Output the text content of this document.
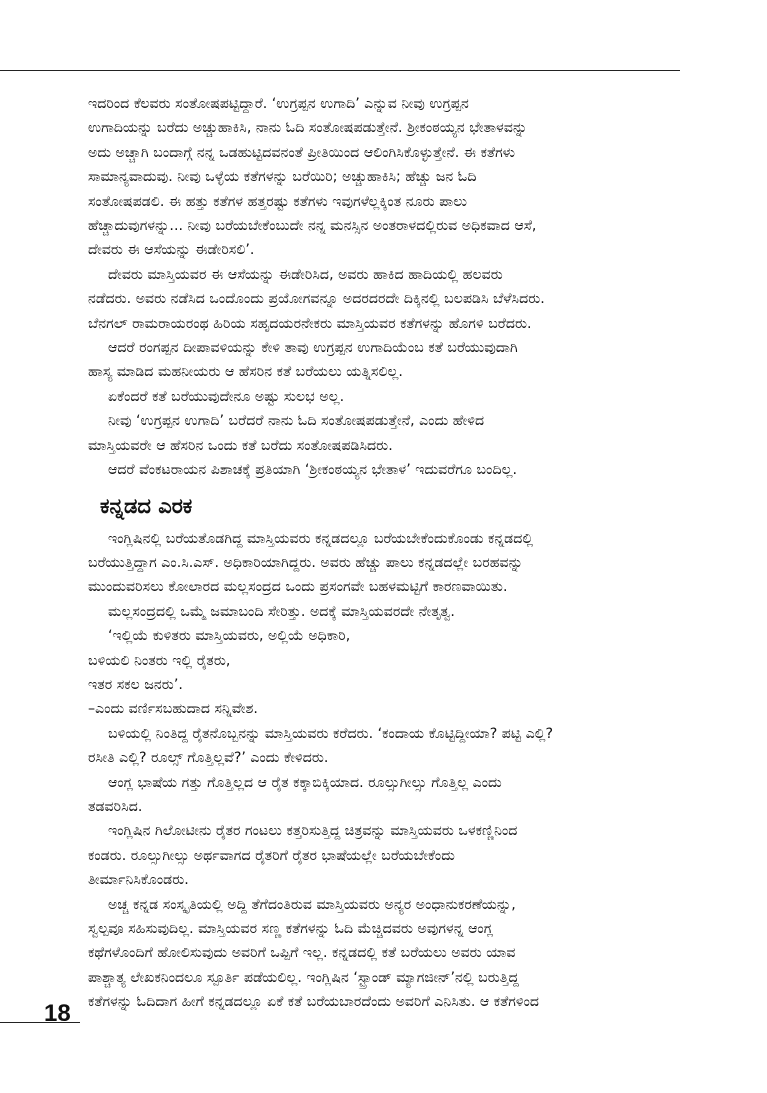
ಇದರಿಂದ ಕೆಲವರು ಸಂತೋಷಪಟ್ಟಿದ್ದಾರೆ. ‘ಉಗ್ರಪ್ಪನ ಉಗಾದಿ’ ಎನ್ನುವ ನೀವು ಉಗ್ರಪ್ಪನ
ಉಗಾದಿಯನ್ನು ಬರೆದು ಅಚ್ಚುಹಾಕಿಸಿ, ನಾನು ಓದಿ ಸಂತೋಷಪಡುತ್ತೇನೆ. ಶ್ರೀಕಂಠಯ್ಯನ ಭೇತಾಳವನ್ನು
ಅದು ಅಚ್ಚಾಗಿ ಬಂದಾಗ್ಗೆ ನನ್ನ ಒಡಹುಟ್ಟಿದವನಂತೆ ಪ್ರೀತಿಯಿಂದ ಆಲಿಂಗಿಸಿಕೊಳ್ಳುತ್ತೇನೆ. ಈ ಕತೆಗಳು
ಸಾಮಾನ್ಯವಾದುವು. ನೀವು ಒಳ್ಳೆಯ ಕತೆಗಳನ್ನು ಬರೆಯಿರಿ; ಅಚ್ಚುಹಾಕಿಸಿ; ಹೆಚ್ಚು ಜನ ಓದಿ
ಸಂತೋಷಪಡಲಿ. ಈ ಹತ್ತು ಕತೆಗಳ ಹತ್ತರಷ್ಟು ಕತೆಗಳು ಇವುಗಳೆಲ್ಲಕ್ಕಿಂತ ನೂರು ಪಾಲು
ಹೆಚ್ಚಾದುವುಗಳನ್ನು... ನೀವು ಬರೆಯಬೇಕೆಂಬುದೇ ನನ್ನ ಮನಸ್ಸಿನ ಅಂತರಾಳದಲ್ಲಿರುವ ಅಧಿಕವಾದ ಆಸೆ,
ದೇವರು ಈ ಆಸೆಯನ್ನು ಈಡೇರಿಸಲಿ’.

ದೇವರು ಮಾಸ್ತಿಯವರ ಈ ಆಸೆಯನ್ನು ಈಡೇರಿಸಿದ, ಅವರು ಹಾಕಿದ ಹಾದಿಯಲ್ಲಿ ಹಲವರು
ನಡೆದರು. ಅವರು ನಡೆಸಿದ ಒಂದೊಂದು ಪ್ರಯೋಗವನ್ನೂ ಅದರದರದೇ ದಿಕ್ಕಿನಲ್ಲಿ ಬಲಪಡಿಸಿ ಬೆಳೆಸಿದರು.
ಬೆನಗಲ್ ರಾಮರಾಯರಂಥ ಹಿರಿಯ ಸಹೃದಯರನೇಕರು ಮಾಸ್ತಿಯವರ ಕತೆಗಳನ್ನು ಹೊಗಳಿ ಬರೆದರು.

ಆದರೆ ರಂಗಪ್ಪನ ದೀಪಾವಳಿಯನ್ನು ಕೇಳಿ ತಾವು ಉಗ್ರಪ್ಪನ ಉಗಾದಿಯೆಂಬ ಕತೆ ಬರೆಯುವುದಾಗಿ
ಹಾಸ್ಯ ಮಾಡಿದ ಮಹನೀಯರು ಆ ಹೆಸರಿನ ಕತೆ ಬರೆಯಲು ಯತ್ನಿಸಲಿಲ್ಲ.

ಏಕೆಂದರೆ ಕತೆ ಬರೆಯುವುದೇನೂ ಅಷ್ಟು ಸುಲಭ ಅಲ್ಲ.

ನೀವು ‘ಉಗ್ರಪ್ಪನ ಉಗಾದಿ’ ಬರೆದರೆ ನಾನು ಓದಿ ಸಂತೋಷಪಡುತ್ತೇನೆ, ಎಂದು ಹೇಳಿದ
ಮಾಸ್ತಿಯವರೇ ಆ ಹೆಸರಿನ ಒಂದು ಕತೆ ಬರೆದು ಸಂತೋಷಪಡಿಸಿದರು.

ಆದರೆ ವೆಂಕಟರಾಯನ ಪಿಶಾಚಕ್ಕೆ ಪ್ರತಿಯಾಗಿ ‘ಶ್ರೀಕಂಠಯ್ಯನ ಭೇತಾಳ’ ಇದುವರೆಗೂ ಬಂದಿಲ್ಲ.

ಕನ್ನಡದ ಎರಕ

ಇಂಗ್ಲಿಷಿನಲ್ಲಿ ಬರೆಯತೊಡಗಿದ್ದ ಮಾಸ್ತಿಯವರು ಕನ್ನಡದಲ್ಲೂ ಬರೆಯಬೇಕೆಂದುಕೊಂಡು ಕನ್ನಡದಲ್ಲಿ
ಬರೆಯುತ್ತಿದ್ದಾಗ ಎಂ.ಸಿ.ಎಸ್. ಅಧಿಕಾರಿಯಾಗಿದ್ದರು. ಅವರು ಹೆಚ್ಚು ಪಾಲು ಕನ್ನಡದಲ್ಲೇ ಬರಹವನ್ನು
ಮುಂದುವರಿಸಲು ಕೋಲಾರದ ಮಲ್ಲಸಂದ್ರದ ಒಂದು ಪ್ರಸಂಗವೇ ಬಹಳಮಟ್ಟಿಗೆ ಕಾರಣವಾಯಿತು.

ಮಲ್ಲಸಂದ್ರದಲ್ಲಿ ಒಮ್ಮೆ ಜಮಾಬಂದಿ ಸೇರಿತ್ತು. ಅದಕ್ಕೆ ಮಾಸ್ತಿಯವರದೇ ನೇತೃತ್ವ.

‘ಇಲ್ಲಿಯೆ ಕುಳಿತರು ಮಾಸ್ತಿಯವರು, ಅಲ್ಲಿಯೆ ಅಧಿಕಾರಿ,
ಬಳಿಯಲಿ ನಿಂತರು ಇಲ್ಲಿ ರೈತರು,
ಇತರ ಸಕಲ ಜನರು’.
–ಎಂದು ವರ್ಣಿಸಬಹುದಾದ ಸನ್ನಿವೇಶ.

ಬಳಿಯಲ್ಲಿ ನಿಂತಿದ್ದ ರೈತನೊಬ್ಬನನ್ನು ಮಾಸ್ತಿಯವರು ಕರೆದರು. ‘ಕಂದಾಯ ಕೊಟ್ಟಿದ್ದೀಯಾ? ಪಟ್ಟಿ ಎಲ್ಲಿ?
ರಸೀತಿ ಎಲ್ಲಿ? ರೂಲ್ಸ್ ಗೊತ್ತಿಲ್ಲವೆ?’ ಎಂದು ಕೇಳಿದರು.

ಆಂಗ್ಲ ಭಾಷೆಯ ಗತ್ತು ಗೊತ್ತಿಲ್ಲದ ಆ ರೈತ ಕಕ್ಕಾಬಿಕ್ಕಿಯಾದ. ರೂಲ್ಸುಗೀಲ್ಸು ಗೊತ್ತಿಲ್ಲ ಎಂದು
ತಡವರಿಸಿದ.

ಇಂಗ್ಲಿಷಿನ ಗಿಲೋಟೀನು ರೈತರ ಗಂಟಲು ಕತ್ತರಿಸುತ್ತಿದ್ದ ಚಿತ್ರವನ್ನು ಮಾಸ್ತಿಯವರು ಒಳಕಣ್ಣಿನಿಂದ
ಕಂಡರು. ರೂಲ್ಸುಗೀಲ್ಸು ಅರ್ಥವಾಗದ ರೈತರಿಗೆ ರೈತರ ಭಾಷೆಯಲ್ಲೇ ಬರೆಯಬೇಕೆಂದು
ತೀರ್ಮಾನಿಸಿಕೊಂಡರು.

ಅಚ್ಚ ಕನ್ನಡ ಸಂಸ್ಕೃತಿಯಲ್ಲಿ ಅದ್ದಿ ತೆಗೆದಂತಿರುವ ಮಾಸ್ತಿಯವರು ಅನ್ಯರ ಅಂಧಾನುಕರಣೆಯನ್ನು,
ಸ್ವಲ್ಪವೂ ಸಹಿಸುವುದಿಲ್ಲ. ಮಾಸ್ತಿಯವರ ಸಣ್ಣ ಕತೆಗಳನ್ನು ಓದಿ ಮೆಚ್ಚಿದವರು ಅವುಗಳನ್ನ ಆಂಗ್ಲ
ಕಥೆಗಳೊಂದಿಗೆ ಹೋಲಿಸುವುದು ಅವರಿಗೆ ಒಪ್ಪಿಗೆ ಇಲ್ಲ. ಕನ್ನಡದಲ್ಲಿ ಕತೆ ಬರೆಯಲು ಅವರು ಯಾವ
ಪಾಶ್ಚಾತ್ಯ ಲೇಖಕನಿಂದಲೂ ಸ್ಪೂರ್ತಿ ಪಡೆಯಲಿಲ್ಲ. ಇಂಗ್ಲಿಷಿನ ‘ಸ್ಟ್ರಾಂಡ್ ಮ್ಯಾಗಜೀನ್’ನಲ್ಲಿ ಬರುತ್ತಿದ್ದ
ಕತೆಗಳನ್ನು ಓದಿದಾಗ ಹೀಗೆ ಕನ್ನಡದಲ್ಲೂ ಏಕೆ ಕತೆ ಬರೆಯಬಾರದೆಂದು ಅವರಿಗೆ ಎನಿಸಿತು. ಆ ಕತೆಗಳಿಂದ

18
